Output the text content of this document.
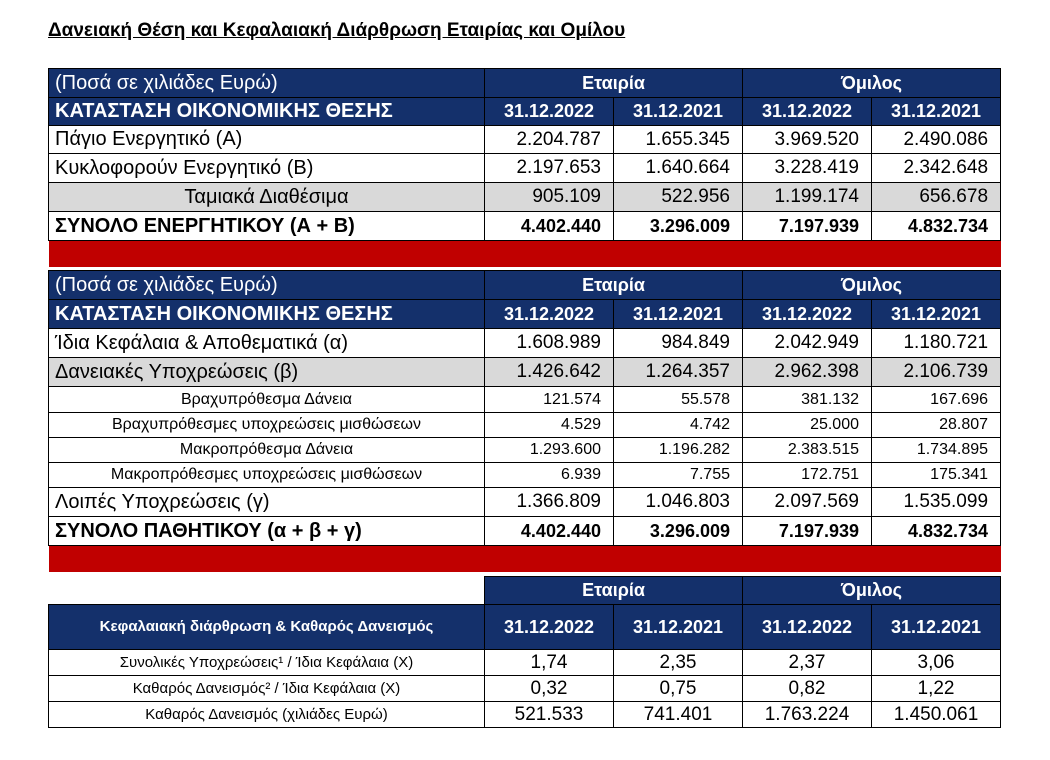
Δανειακή Θέση και Κεφαλαιακή Διάρθρωση Εταιρίας και Ομίλου
(Ποσά σε χιλιάδες Ευρώ)	Εταιρία		Όμιλος	
ΚΑΤΑΣΤΑΣΗ ΟΙΚΟΝΟΜΙΚΗΣ ΘΕΣΗΣ	31.12.2022	31.12.2021	31.12.2022	31.12.2021
Πάγιο Ενεργητικό (Α)	2.204.787	1.655.345	3.969.520	2.490.086
Κυκλοφορούν Ενεργητικό (Β)	2.197.653	1.640.664	3.228.419	2.342.648
Ταμιακά Διαθέσιμα	905.109	522.956	1.199.174	656.678
ΣΥΝΟΛΟ ΕΝΕΡΓΗΤΙΚΟΥ (Α + Β)	4.402.440	3.296.009	7.197.939	4.832.734

(Ποσά σε χιλιάδες Ευρώ)	Εταιρία		Όμιλος	
ΚΑΤΑΣΤΑΣΗ ΟΙΚΟΝΟΜΙΚΗΣ ΘΕΣΗΣ	31.12.2022	31.12.2021	31.12.2022	31.12.2021
Ίδια Κεφάλαια & Αποθεματικά (α)	1.608.989	984.849	2.042.949	1.180.721
Δανειακές Υποχρεώσεις (β)	1.426.642	1.264.357	2.962.398	2.106.739
Βραχυπρόθεσμα Δάνεια	121.574	55.578	381.132	167.696
Βραχυπρόθεσμες υποχρεώσεις μισθώσεων	4.529	4.742	25.000	28.807
Μακροπρόθεσμα Δάνεια	1.293.600	1.196.282	2.383.515	1.734.895
Μακροπρόθεσμες υποχρεώσεις μισθώσεων	6.939	7.755	172.751	175.341
Λοιπές Υποχρεώσεις (γ)	1.366.809	1.046.803	2.097.569	1.535.099
ΣΥΝΟΛΟ ΠΑΘΗΤΙΚΟΥ (α + β + γ)	4.402.440	3.296.009	7.197.939	4.832.734

	Εταιρία		Όμιλος	
Κεφαλαιακή διάρθρωση & Καθαρός Δανεισμός	31.12.2022	31.12.2021	31.12.2022	31.12.2021
Συνολικές Υποχρεώσεις¹ / Ίδια Κεφάλαια (X)	1,74	2,35	2,37	3,06
Καθαρός Δανεισμός² / Ίδια Κεφάλαια (X)	0,32	0,75	0,82	1,22
Καθαρός Δανεισμός (χιλιάδες Ευρώ)	521.533	741.401	1.763.224	1.450.061
